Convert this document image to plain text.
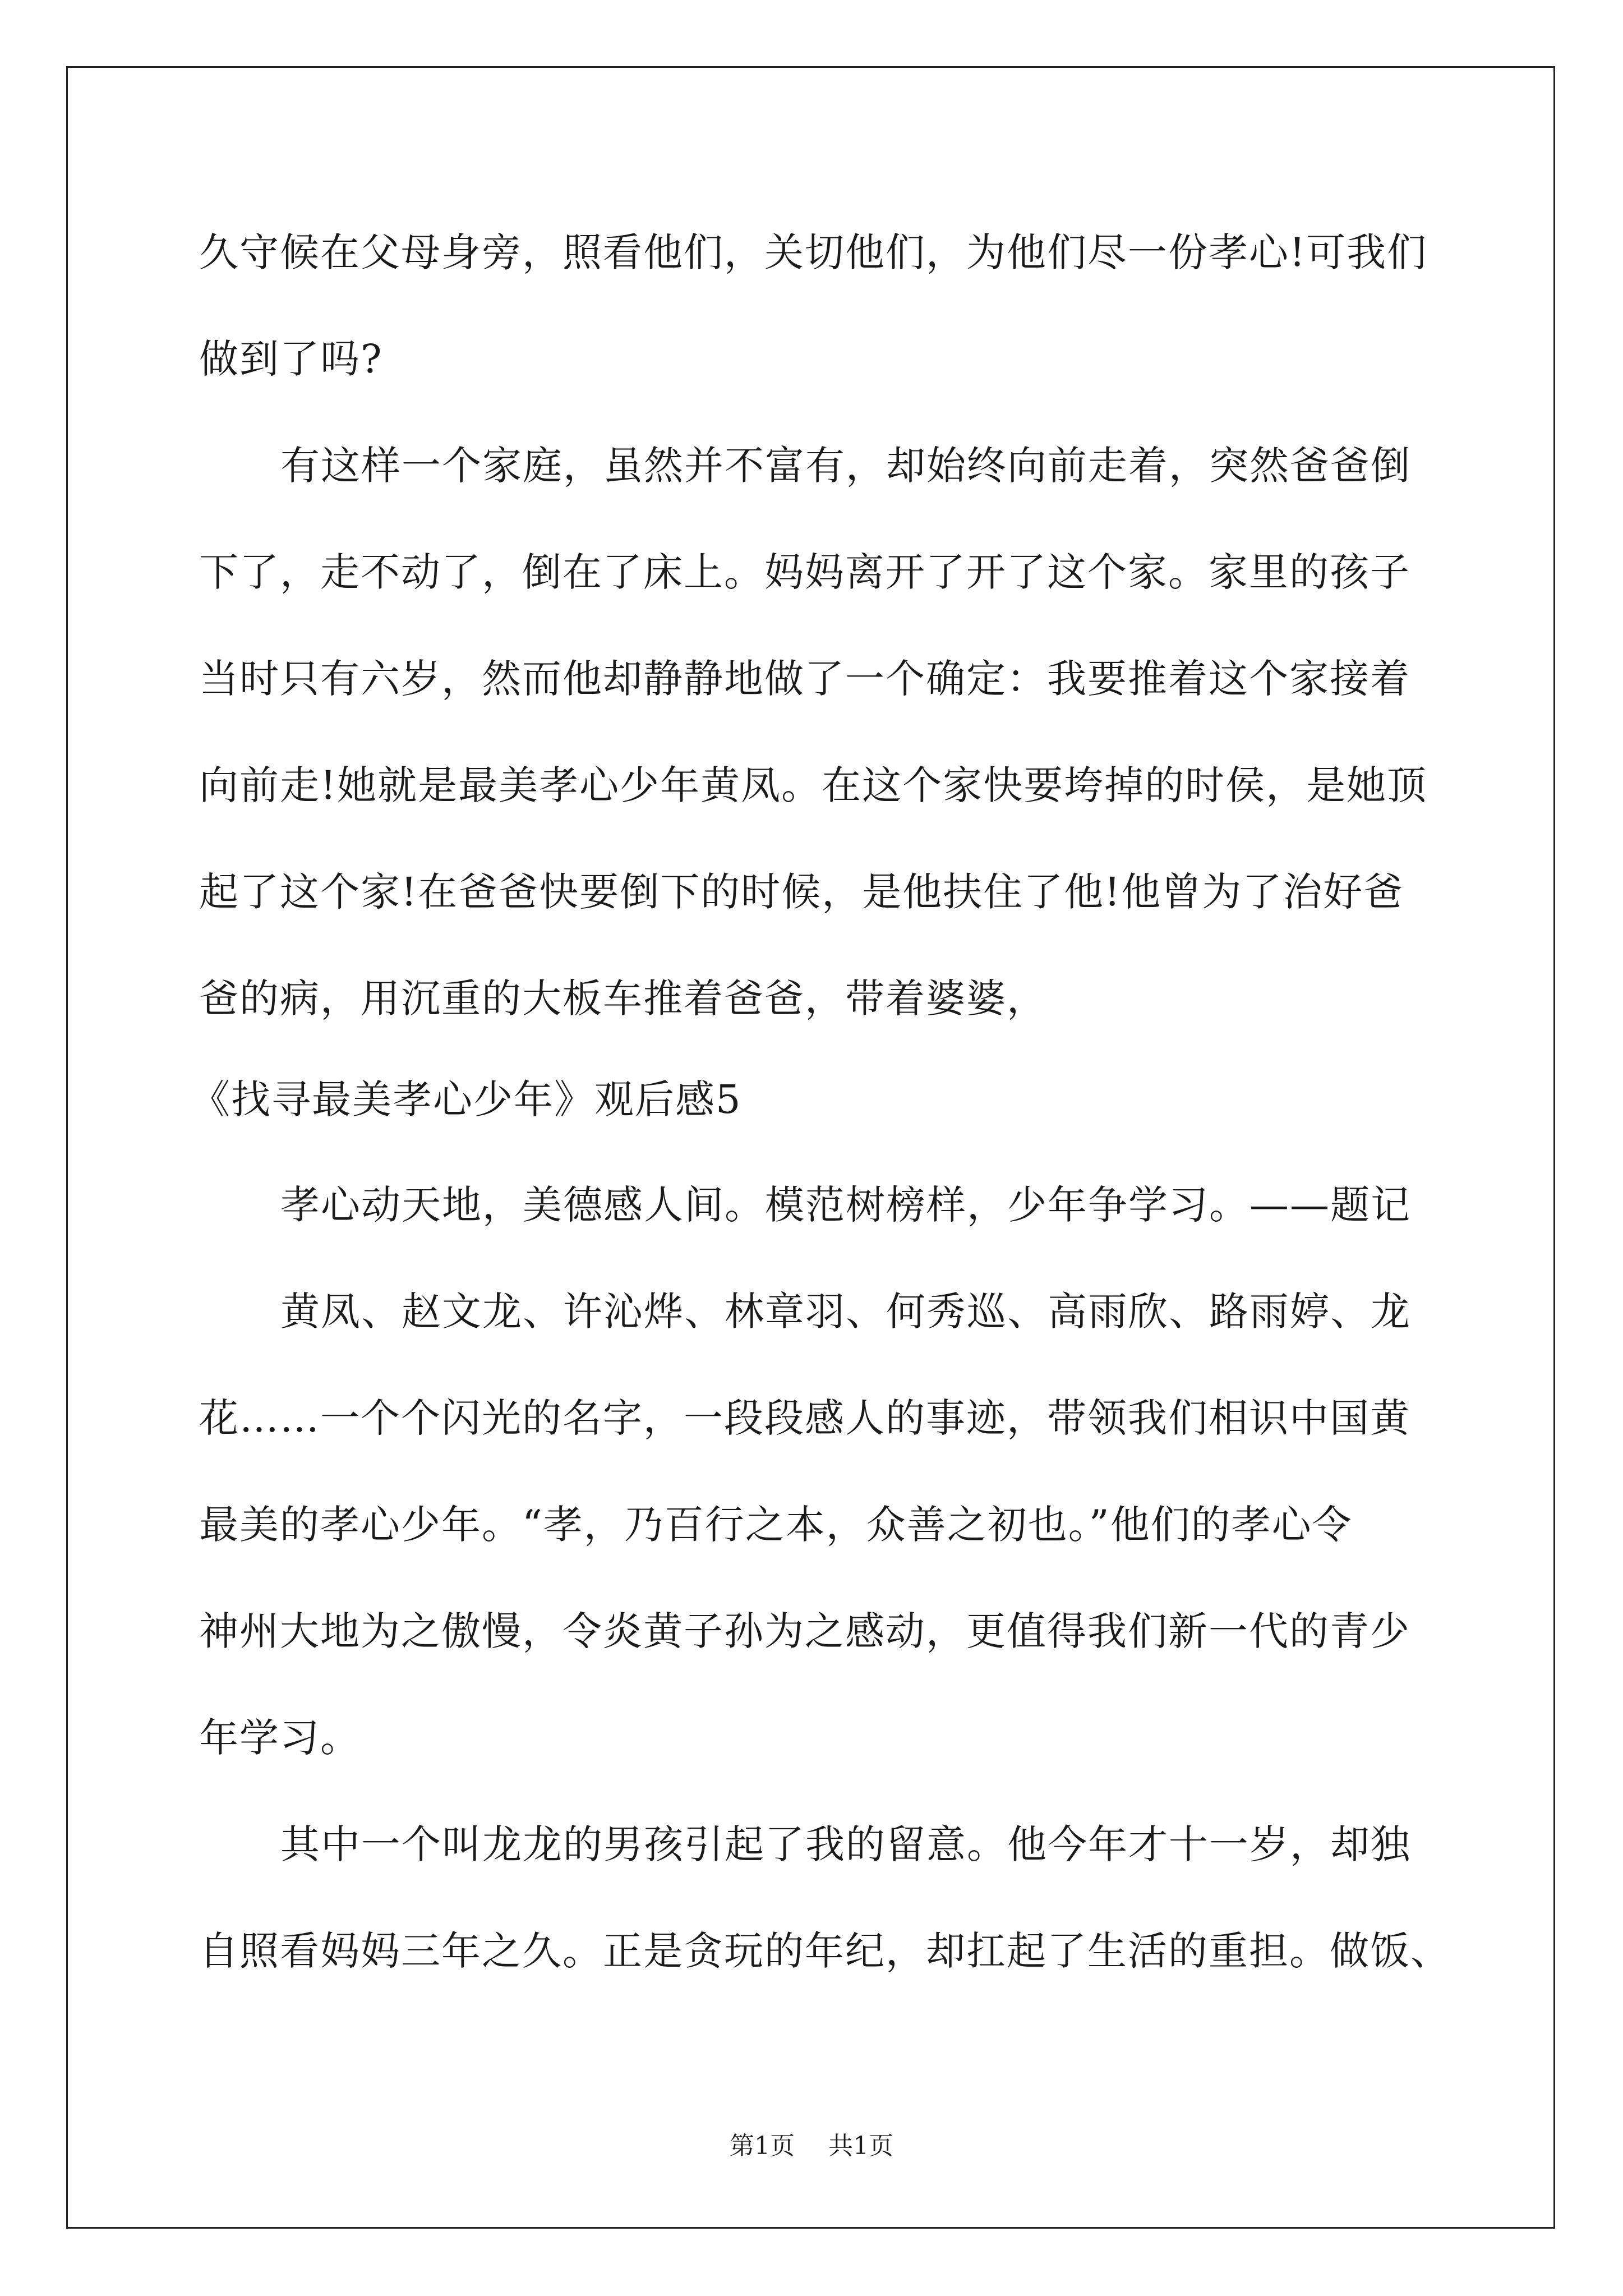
久守候在父母身旁，照看他们，关切他们，为他们尽一份孝心!可我们
做到了吗?
有这样一个家庭，虽然并不富有，却始终向前走着，突然爸爸倒
下了，走不动了，倒在了床上。妈妈离开了开了这个家。家里的孩子
当时只有六岁，然而他却静静地做了一个确定：我要推着这个家接着
向前走!她就是最美孝心少年黄凤。在这个家快要垮掉的时侯，是她顶
起了这个家!在爸爸快要倒下的时候，是他扶住了他!他曾为了治好爸
爸的病，用沉重的大板车推着爸爸，带着婆婆，
《找寻最美孝心少年》观后感5
孝心动天地，美德感人间。模范树榜样，少年争学习。——题记
黄凤、赵文龙、许沁烨、林章羽、何秀巡、高雨欣、路雨婷、龙
花……一个个闪光的名字，一段段感人的事迹，带领我们相识中国黄
最美的孝心少年。“孝，乃百行之本，众善之初也。”他们的孝心令
神州大地为之傲慢，令炎黄子孙为之感动，更值得我们新一代的青少
年学习。
其中一个叫龙龙的男孩引起了我的留意。他今年才十一岁，却独
自照看妈妈三年之久。正是贪玩的年纪，却扛起了生活的重担。做饭、
第1页 共1页
